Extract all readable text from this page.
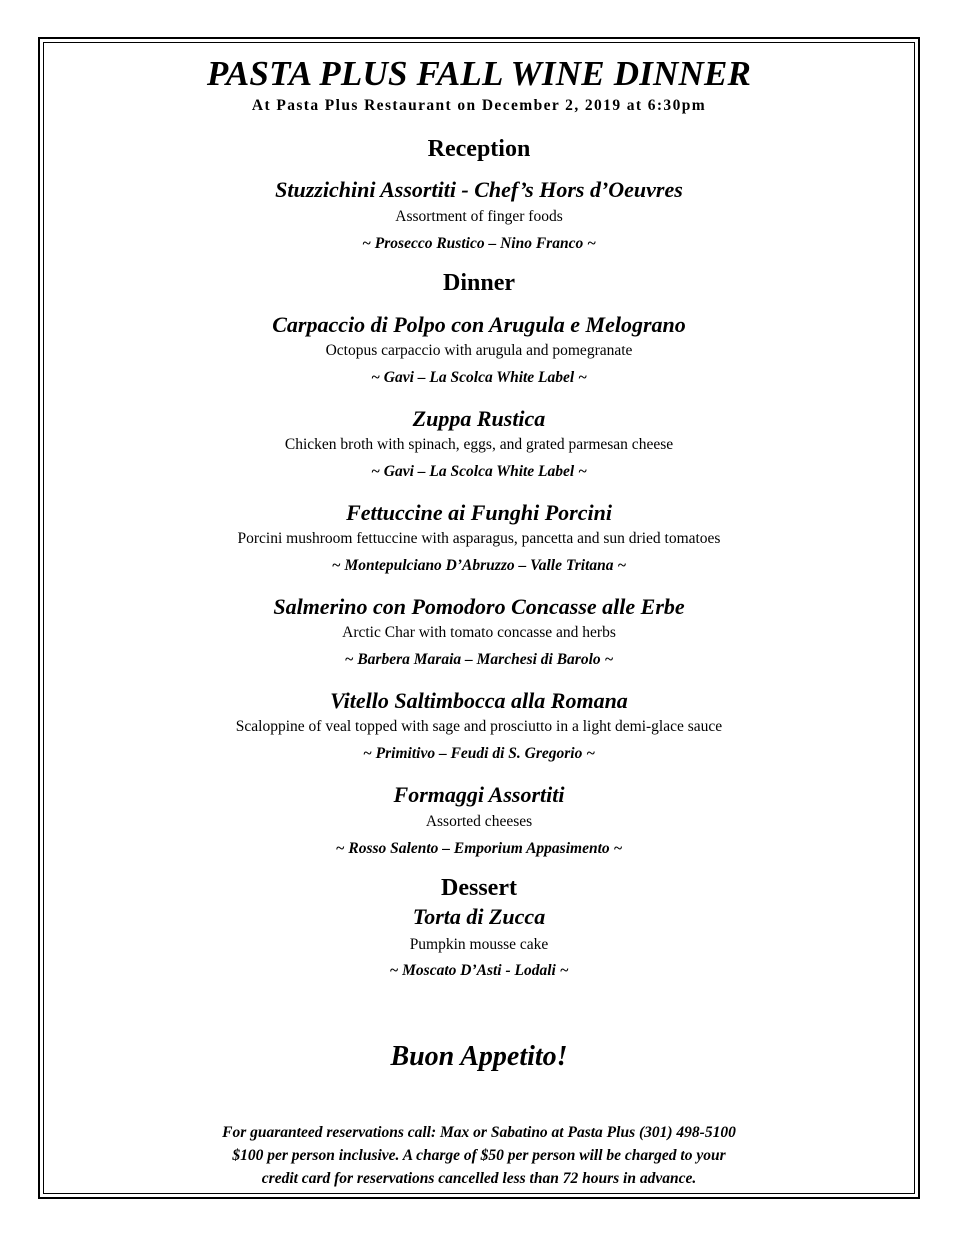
PASTA PLUS FALL WINE DINNER
At Pasta Plus Restaurant on December 2, 2019 at 6:30pm
Reception
Stuzzichini Assortiti - Chef’s Hors d’Oeuvres
Assortment of finger foods
~ Prosecco Rustico – Nino Franco ~
Dinner
Carpaccio di Polpo con Arugula e Melograno
Octopus carpaccio with arugula and pomegranate
~ Gavi – La Scolca White Label ~
Zuppa Rustica
Chicken broth with spinach, eggs, and grated parmesan cheese
~ Gavi – La Scolca White Label ~
Fettuccine ai Funghi Porcini
Porcini mushroom fettuccine with asparagus, pancetta and sun dried tomatoes
~ Montepulciano D’Abruzzo – Valle Tritana ~
Salmerino con Pomodoro Concasse alle Erbe
Arctic Char with tomato concasse and herbs
~ Barbera Maraia – Marchesi di Barolo ~
Vitello Saltimbocca alla Romana
Scaloppine of veal topped with sage and prosciutto in a light demi-glace sauce
~ Primitivo – Feudi di S. Gregorio ~
Formaggi Assortiti
Assorted cheeses
~ Rosso Salento – Emporium Appasimento ~
Dessert
Torta di Zucca
Pumpkin mousse cake
~ Moscato D’Asti - Lodali ~
Buon Appetito!
For guaranteed reservations call: Max or Sabatino at Pasta Plus (301) 498-5100
$100 per person inclusive. A charge of $50 per person will be charged to your
credit card for reservations cancelled less than 72 hours in advance.
